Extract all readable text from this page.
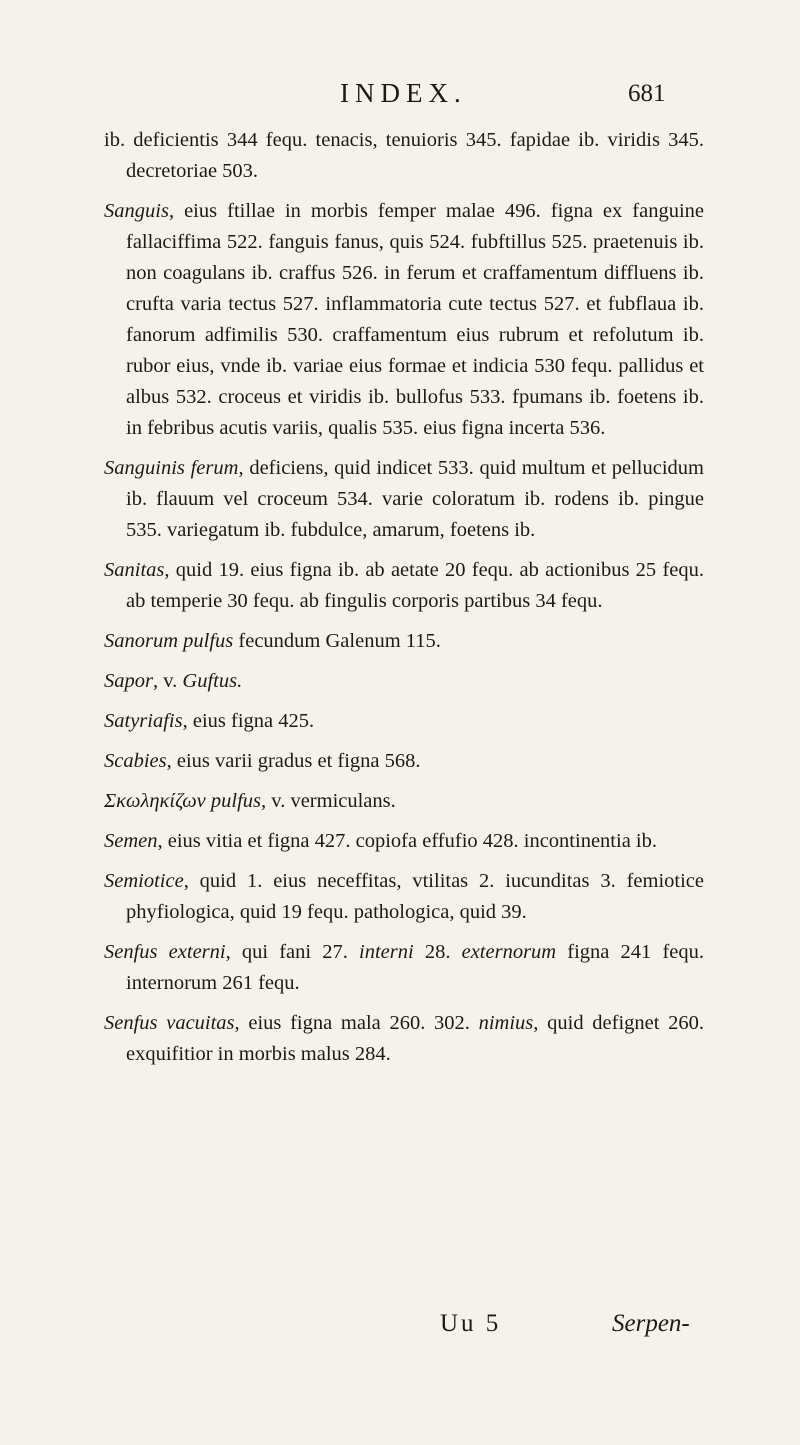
INDEX.	681

ib. deficientis 344 fequ. tenacis, tenuioris 345. fapidae ib. viridis 345. decretoriae 503.

Sanguis, eius ftillae in morbis femper malae 496. figna ex fanguine fallaciffima 522. fanguis fanus, quis 524. fubftillus 525. praetenuis ib. non coagulans ib. craffus 526. in ferum et craffamentum diffluens ib. crufta varia tectus 527. inflammatoria cute tectus 527. et fubflaua ib. fanorum adfimilis 530. craffamentum eius rubrum et refolutum ib. rubor eius, vnde ib. variae eius formae et indicia 530 fequ. pallidus et albus 532. croceus et viridis ib. bullofus 533. fpumans ib. foetens ib. in febribus acutis variis, qualis 535. eius figna incerta 536.

Sanguinis ferum, deficiens, quid indicet 533. quid multum et pellucidum ib. flauum vel croceum 534. varie coloratum ib. rodens ib. pingue 535. variegatum ib. fubdulce, amarum, foetens ib.

Sanitas, quid 19. eius figna ib. ab aetate 20 fequ. ab actionibus 25 fequ. ab temperie 30 fequ. ab fingulis corporis partibus 34 fequ.

Sanorum pulfus fecundum Galenum 115.

Sapor, v. Guftus.

Satyriafis, eius figna 425.

Scabies, eius varii gradus et figna 568.

Σκωληκίζων pulfus, v. vermiculans.

Semen, eius vitia et figna 427. copiofa effufio 428. incontinentia ib.

Semiotice, quid 1. eius neceffitas, vtilitas 2. iucunditas 3. femiotice phyfiologica, quid 19 fequ. pathologica, quid 39.

Senfus externi, qui fani 27. interni 28. externorum figna 241 fequ. internorum 261 fequ.

Senfus vacuitas, eius figna mala 260. 302. nimius, quid defignet 260. exquifitior in morbis malus 284.

Uu 5	Serpen-
